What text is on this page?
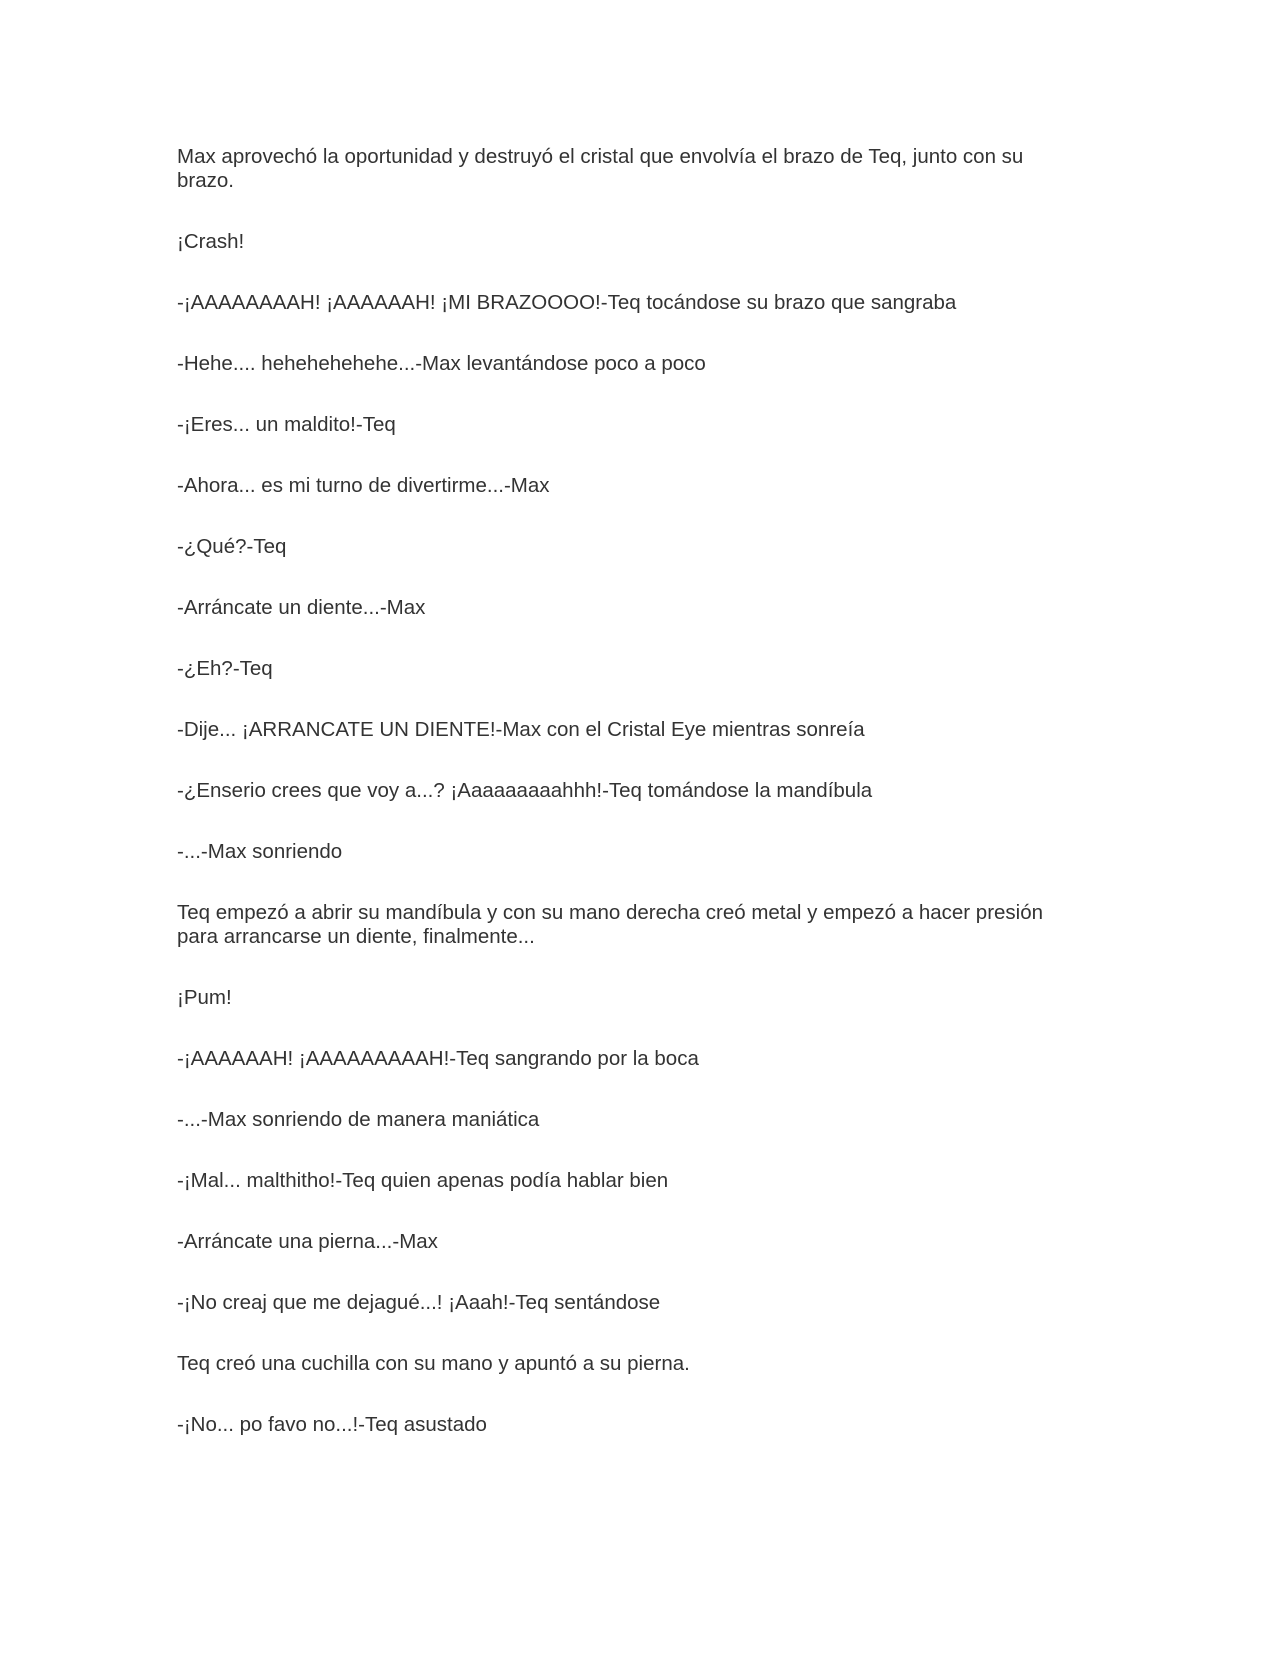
Max aprovechó la oportunidad y destruyó el cristal que envolvía el brazo de Teq, junto con su brazo.

¡Crash!

-¡AAAAAAAAH! ¡AAAAAAH! ¡MI BRAZOOOO!-Teq tocándose su brazo que sangraba

-Hehe.... hehehehehehe...-Max levantándose poco a poco

-¡Eres... un maldito!-Teq

-Ahora... es mi turno de divertirme...-Max

-¿Qué?-Teq

-Arráncate un diente...-Max

-¿Eh?-Teq

-Dije... ¡ARRANCATE UN DIENTE!-Max con el Cristal Eye mientras sonreía

-¿Enserio crees que voy a...? ¡Aaaaaaaaahhh!-Teq tomándose la mandíbula

-...-Max sonriendo

Teq empezó a abrir su mandíbula y con su mano derecha creó metal y empezó a hacer presión para arrancarse un diente, finalmente...

¡Pum!

-¡AAAAAAH! ¡AAAAAAAAAH!-Teq sangrando por la boca

-...-Max sonriendo de manera maniática

-¡Mal... malthitho!-Teq quien apenas podía hablar bien

-Arráncate una pierna...-Max

-¡No creaj que me dejagué...! ¡Aaah!-Teq sentándose

Teq creó una cuchilla con su mano y apuntó a su pierna.

-¡No... po favo no...!-Teq asustado
